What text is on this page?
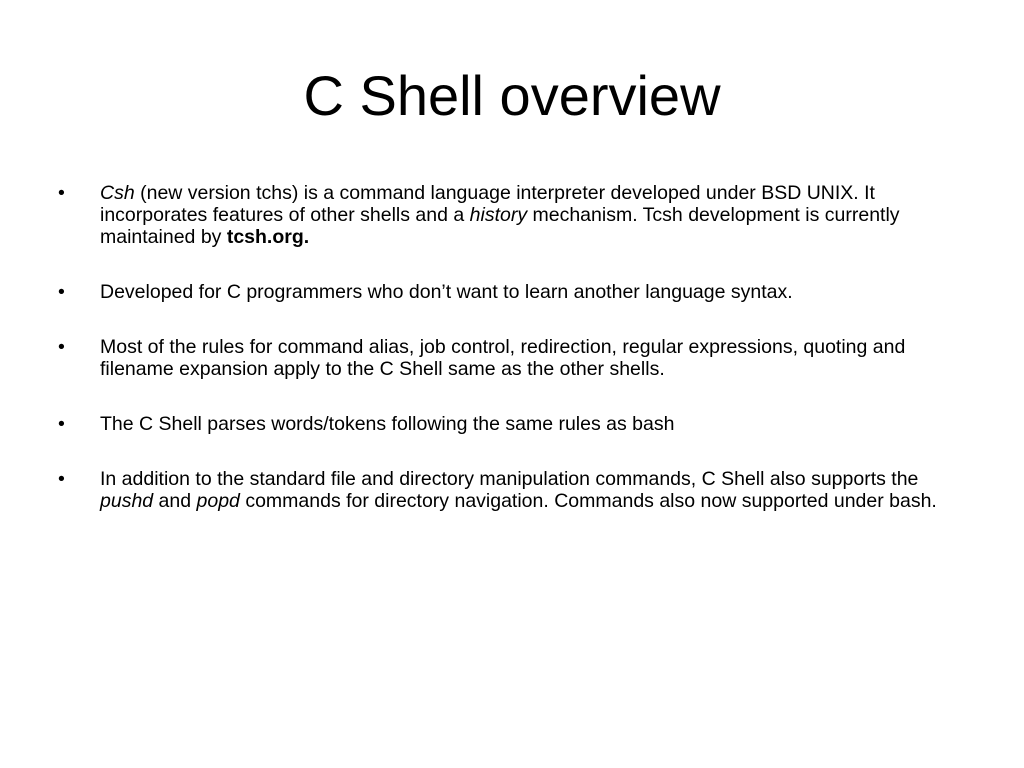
C Shell overview
•	Csh (new version tchs) is a command language interpreter developed under BSD UNIX. It incorporates features of other shells and a history mechanism. Tcsh development is currently maintained by tcsh.org.
•	Developed for C programmers who don’t want to learn another language syntax.
•	Most of the rules for command alias, job control, redirection, regular expressions, quoting and filename expansion apply to the C Shell same as the other shells.
•	The C Shell parses words/tokens following the same rules as bash
•	In addition to the standard file and directory manipulation commands, C Shell also supports the pushd and popd commands for directory navigation. Commands also now supported under bash.
